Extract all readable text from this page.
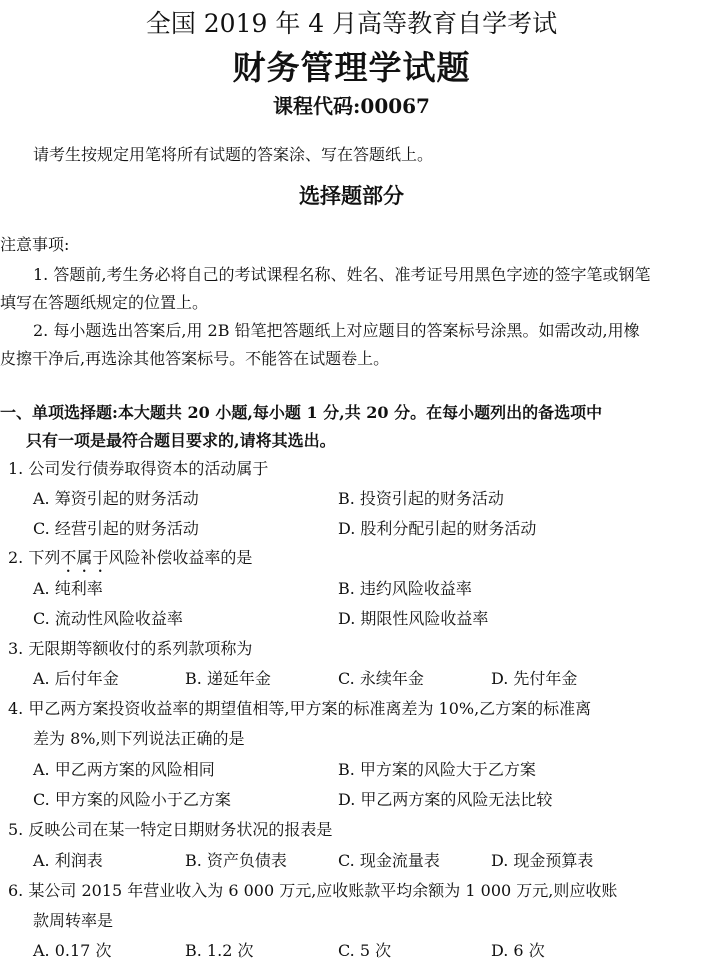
全国 2019 年 4 月高等教育自学考试
财务管理学试题
课程代码:00067
请考生按规定用笔将所有试题的答案涂、写在答题纸上。
选择题部分
注意事项:
1. 答题前,考生务必将自己的考试课程名称、姓名、准考证号用黑色字迹的签字笔或钢笔
填写在答题纸规定的位置上。
2. 每小题选出答案后,用 2B 铅笔把答题纸上对应题目的答案标号涂黑。如需改动,用橡
皮擦干净后,再选涂其他答案标号。不能答在试题卷上。
一、单项选择题:本大题共 20 小题,每小题 1 分,共 20 分。在每小题列出的备选项中
只有一项是最符合题目要求的,请将其选出。
1. 公司发行债券取得资本的活动属于
A. 筹资引起的财务活动	B. 投资引起的财务活动
C. 经营引起的财务活动	D. 股利分配引起的财务活动
2. 下列不属于风险补偿收益率的是
A. 纯利率	B. 违约风险收益率
C. 流动性风险收益率	D. 期限性风险收益率
3. 无限期等额收付的系列款项称为
A. 后付年金	B. 递延年金	C. 永续年金	D. 先付年金
4. 甲乙两方案投资收益率的期望值相等,甲方案的标准离差为 10%,乙方案的标准离
差为 8%,则下列说法正确的是
A. 甲乙两方案的风险相同	B. 甲方案的风险大于乙方案
C. 甲方案的风险小于乙方案	D. 甲乙两方案的风险无法比较
5. 反映公司在某一特定日期财务状况的报表是
A. 利润表	B. 资产负债表	C. 现金流量表	D. 现金预算表
6. 某公司 2015 年营业收入为 6 000 万元,应收账款平均余额为 1 000 万元,则应收账
款周转率是
A. 0.17 次	B. 1.2 次	C. 5 次	D. 6 次
